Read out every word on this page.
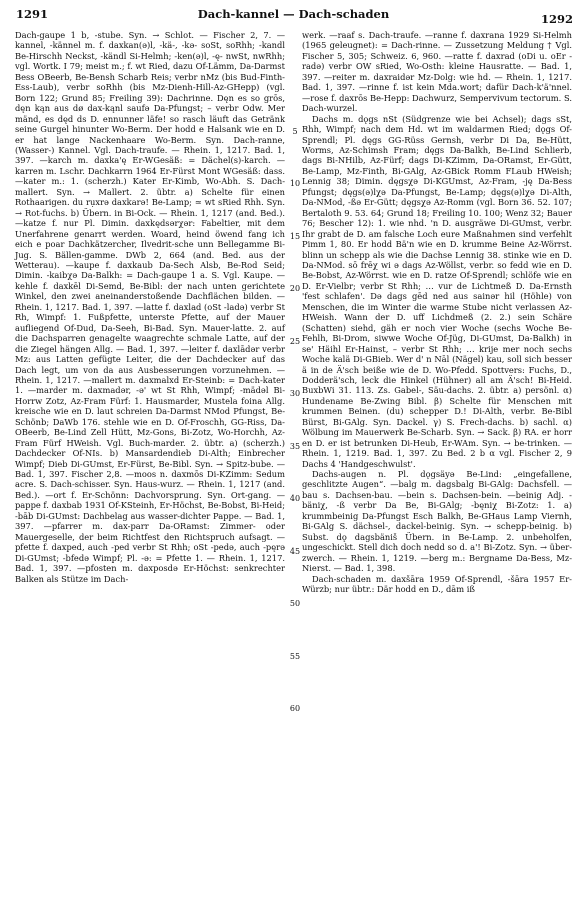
1291	Dach-kannel — Dach-schaden	1292

Dach-gaupe 1 b, -stube. Syn. → Schlot. — Fischer 2, 7. —kannel, -kännel m. f. daxkan(ə)l, -kä-, -kə- soSt, soRhh; -kandl Be-Hirschh Neckst, -kändl Si-Helmh; -ken(ə)l, -ę- nwSt, nwRhh; vgl. Wortk. I 79; meist m.; f. wt Ried, dazu Of-Lämm, Da-Darmst Bess OBeerb, Be-Bensh Scharb Reis; verbr nMz (bis Bud-Finth-Ess-Laub), verbr soRhh (bis Mz-Dienh-Hill-Az-GHepp) (vgl. Born 122; Grund 85; Freiling 39): Dachrinne. Dęn es so grōs, dęn kąn aus dø dax-kąnl saufə Da-Pfungst; – verbr Odw. Mer mänd, es dęd ds D. ennunner läfe! so rasch läuft das Getränk seine Gurgel hinunter Wo-Berm. Der hodd e Halsank wie en D. er hat lange Nackenhaare Wo-Berm. Syn. Dach-ranne, (Wasser-) Kannel. Vgl. Dach-traufe. — Rhein. 1, 1217. Bad. 1, 397. —karch m. daxka'ę Er-WGesäß: = Dächel(s)-karch. —karren m. Lschr. Dachkarrn 1964 Er-Fürst Mont WGesäß: dass. —kater m.: 1. (scherzh.) Kater Er-Kimb, Wo-Abh. S. Dach-mallert. Syn. → Mallert. 2. übtr. a) Schelte für einen Rothaarigen. du rụxrə daxkarə! Be-Lamp; ≃ wt sRied Rhh. Syn. → Rot-fuchs. b) Übern. in Bi-Ock. — Rhein. 1, 1217 (and. Bed.). —katze f. nur Pl. Dimin. daxkędsərχər: Fabeltier, mit dem Unerfahrene genarrt werden. Woard, heind öwend fang ich eich e poar Dachkätzercher, Ilvedrit-sche unn Bellegamme Bi-Jug. S. Bällen-gamme. DWb 2, 664 (and. Bed. aus der Wetterau). —kaupe f. daxkaub Da-Sech Alsb, Be-Rod Seid; Dimin. -kaibχə Da-Balkh: = Dach-gaupe 1 a. S. Vgl. Kaupe. —kehle f. daxkēl Di-Semd, Be-Bibl: der nach unten gerichtete Winkel, den zwei aneinanderstoßende Dachflächen bilden. — Rhein. 1, 1217. Bad. 1, 397. —latte f. daxlad (oSt -ladə) verbr St Rh, Wimpf: 1. Fußpfette, unterste Pfette, auf der Mauer aufliegend Of-Dud, Da-Seeh, Bi-Bad. Syn. Mauer-latte. 2. auf die Dachsparren genagelte waagrechte schmale Latte, auf der die Ziegel hängen Allg. — Bad. 1, 397. —leiter f. daxlādər verbr Mz: aus Latten gefügte Leiter, die der Dachdecker auf das Dach legt, um von da aus Ausbesserungen vorzunehmen. — Rhein. 1, 1217. —mallert m. daxmalxd Er-Steinb: = Dach-kater 1. —marder m. daxmadər, -ə' wt St Rhh, Wimpf; -mädəl Bi-Horrw Zotz, Az-Fram Fürf: 1. Hausmarder, Mustela foina Allg. kreische wie en D. laut schreien Da-Darmst NMod Pfungst, Be-Schönb; DaWb 176. stehle wie en D. Of-Froschh, GG-Riss, Da-OBeerb, Be-Lind Zell Hütt, Mz-Gons, Bi-Zotz, Wo-Horchh, Az-Fram Fürf HWeish. Vgl. Buch-marder. 2. übtr. a) (scherzh.) Dachdecker Of-NIs. b) Mansardendieb Di-Alth; Einbrecher Wimpf; Dieb Di-GUmst, Er-Fürst, Be-Bibl. Syn. → Spitz-bube. — Bad. 1, 397. Fischer 2,8. —moos n. daxmōs Di-KZimm: Sedum acre. S. Dach-schisser. Syn. Haus-wurz. — Rhein. 1, 1217 (and. Bed.). —ort f. Er-Schönn: Dachvorsprung. Syn. Ort-gang. —pappe f. daxbab 1931 Of-KSteinh, Er-Höchst, Be-Bobst, Bi-Heid; -bāb Di-GUmst: Dachbelag aus wasser-dichter Pappe. — Bad. 1, 397. —pfarrer m. dax-parr Da-ORamst: Zimmer- oder Mauergeselle, der beim Richtfest den Richtspruch aufsagt. —pfette f. daxped, auch -ped verbr St Rhh; oSt -pedə, auch -pęrə Di-GUmst; -bfedə Wimpf; Pl. -ə: = Pfette 1. — Rhein. 1, 1217. Bad. 1, 397. —pfosten m. daxposdə Er-Höchst: senkrechter Balken als Stütze im Dach-

5
10
15
20
25
30
35
40
45
50
55
60

werk. —raaf s. Dach-traufe. —ranne f. daxrana 1929 Si-Helmh (1965 geleugnet): = Dach-rinne. — Zussetzung Meldung † Vgl. Fischer 5, 305; Schweiz. 6, 960. —ratte f. daxrad (oDi u. oEr -radə) verbr OW sRied, Wo-Osth: kleine Hausratte. — Bad. 1, 397. —reiter m. daxraidər Mz-Dolg: wie hd. — Rhein. 1, 1217. Bad. 1, 397. —rinne f. ist kein Mda.wort; dafür Dach-k'ä'nnel. —rose f. daxrōs Be-Hepp: Dachwurz, Sempervivum tectorum. S. Dach-wurzel.

Dachs m. dǫgs nSt (Südgrenze wie bei Achsel); dags sSt, Rhh, Wimpf; nach dem Hd. wt im waldarmen Ried; dǫgs Of-Sprendl; Pl. dęgs GG-Rüss Gernsh, verbr Di Da, Be-Hütt, Worms, Az-Schimsh Fram; dęgs Da-Balkh, Be-Lind Schlierb, dags Bi-NHilb, Az-Fürf; dags Di-KZimm, Da-ORamst, Er-Gütt, Be-Lamp, Mz-Finth, Bi-GAlg, Az-GBick Romm FLaub HWeish; Lennig 38; Dimin. dęgsχə Di-KGUmst, Az-Fram, -ję Da-Bess Pfungst; dęgs(ə)lχə Da-Pfungst, Be-Lamp; dęgs(ə)lχə Di-Alth, Da-NMod, -ßə Er-Gütt; dęgsχə Az-Romm (vgl. Born 36. 52. 107; Bertaloth 9. 53. 64; Grund 18; Freiling 10. 100; Wenz 32; Bauer 76; Bescher 12): 1. wie nhd. 'n D. ausgräwe Di-GUmst, verbr. Ihr grabt de D. am falsche Loch eure Maßnahmen sind verfehlt Pimm 1, 80. Er hodd Bä'n wie en D. krumme Beine Az-Wörrst. blinn un schepp als wie die Dachse Lennig 38. stinke wie en D. Da-NMod. sō frēχ wi ə dags Az-Wöllst, verbr. so fedd wie en D. Be-Bobst, Az-Wörrst. wie en D. ratze Of-Sprendl; schlöfe wie en D. Er-Vielbr; verbr St Rhh; … vur de Lichtmeß D. Da-Ernsth 'fest schlafen'. Də dags gēd ned aus sainər hil (Höhle) von Menschen, die im Winter die warme Stube nicht verlassen Az-HWeish. Wann der D. uff Lichdmeß (2. 2.) sein Schäre (Schatten) siehd, gäh er noch vier Woche (sechs Woche Be-Fehlh, Bi-Drom, siwwe Woche Of-Jüg, Di-GUmst, Da-Balkh) in se' Häihl Er-Hainst, – verbr St Rhh; … krije mer noch sechs Woche kalä Di-GBieb. Wer d' n Nāl (Nägel) kau, soll sich besser ä in de Ä'sch beiße wie de D. Wo-Pfedd. Spottvers: Fuchs, D., Dodderä'sch, leck die Hinkel (Hühner) all am Ä'sch! Bi-Heid. BuxbWi 31. 113. Zs. Gabel-, Säu-dachs. 2. übtr. a) persönl. α) Hundename Be-Zwing Bibl. β) Schelte für Menschen mit krummen Beinen. (du) schepper D.! Di-Alth, verbr. Be-Bibl Bürst, Bi-GAlg. Syn. Dackel. γ) S. Frech-dachs. b) sachl. α) Wölbung im Mauerwerk Be-Scharb. Syn. → Sack. β) RA. er horr en D. er ist betrunken Di-Heub, Er-WAm. Syn. → be-trinken. — Rhein. 1, 1219. Bad. 1, 397. Zu Bed. 2 b α vgl. Fischer 2, 9 Dachs 4 'Handgeschwulst'.

Dachs-augen n. Pl. dǫgsäyə Be-Lind: „eingefallene, geschlitzte Augen“. —balg m. dagsbalg Bi-GAlg: Dachsfell. —bau s. Dachsen-bau. —bein s. Dachsen-bein. —beinig Adj. -bäniχ, -ß verbr Da Be, Bi-GAlg; -bęniχ Bi-Zotz: 1. a) krummbeinig Da-Pfungst Esch Balkh, Be-GHaus Lamp Viernh, Bi-GAlg S. dächsel-, dackel-beinig. Syn. → schepp-beinig. b) Subst. dǫ dagsbäniš Übern. in Be-Lamp. 2. unbeholfen, ungeschickt. Stell dich doch nedd so d. a'! Bi-Zotz. Syn. → über-zwerch. — Rhein. 1, 1219. —berg m.: Bergname Da-Bess, Mz-Nierst. — Bad. 1, 398.

Dach-schaden m. daxšāra 1959 Of-Sprendl, -šāra 1957 Er-Würzb; nur übtr.: Där hodd en D., dām iß
